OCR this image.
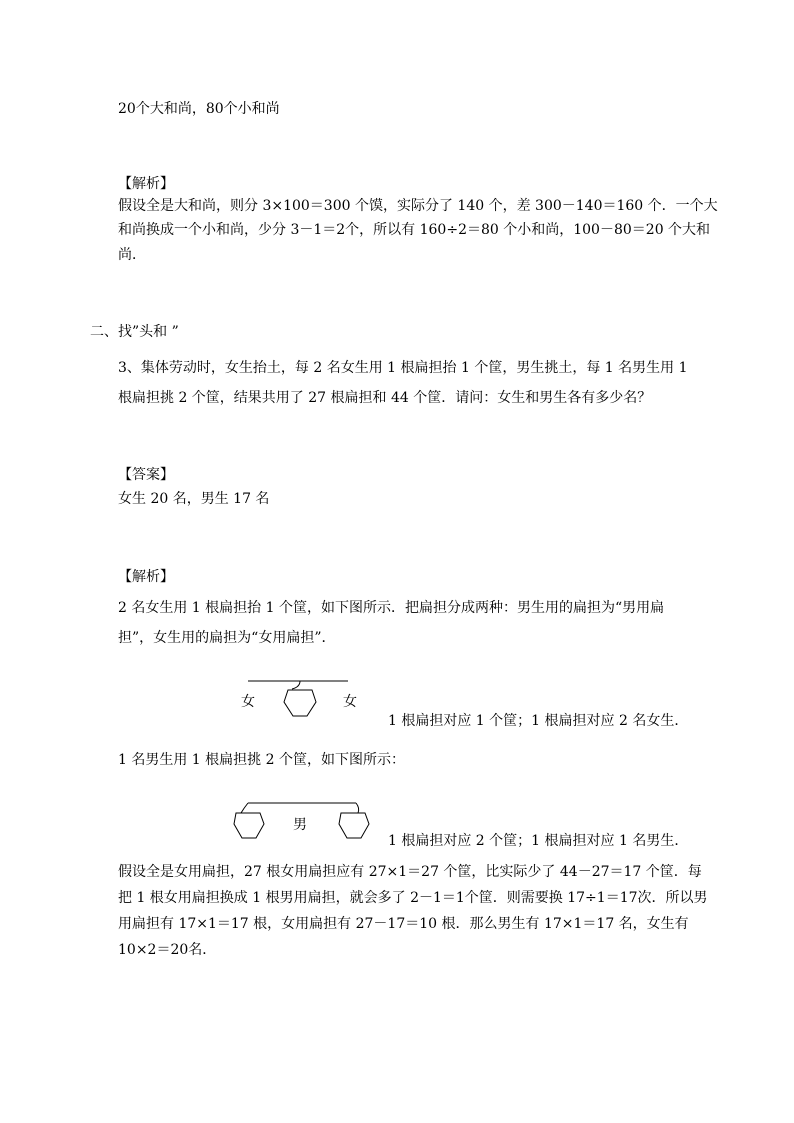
20个大和尚，80个小和尚
【解析】
假设全是大和尚，则分 3×100＝300 个馍，实际分了 140 个，差 300－140＝160 个．一个大
和尚换成一个小和尚，少分 3－1＝2个，所以有 160÷2＝80 个小和尚，100－80＝20 个大和
尚．
二、找”头和 ”
3、集体劳动时，女生抬土，每 2 名女生用 1 根扁担抬 1 个筐，男生挑土，每 1 名男生用 1
根扁担挑 2 个筐，结果共用了 27 根扁担和 44 个筐．请问：女生和男生各有多少名？
【答案】
女生 20 名，男生 17 名
【解析】
2 名女生用 1 根扁担抬 1 个筐，如下图所示．把扁担分成两种：男生用的扁担为“男用扁
担”，女生用的扁担为“女用扁担”．
女	女
1 根扁担对应 1 个筐；1 根扁担对应 2 名女生．
1 名男生用 1 根扁担挑 2 个筐，如下图所示：
男
1 根扁担对应 2 个筐；1 根扁担对应 1 名男生．
假设全是女用扁担，27 根女用扁担应有 27×1＝27 个筐，比实际少了 44－27＝17 个筐．每
把 1 根女用扁担换成 1 根男用扁担，就会多了 2－1＝1个筐．则需要换 17÷1＝17次．所以男
用扁担有 17×1＝17 根，女用扁担有 27－17＝10 根．那么男生有 17×1＝17 名，女生有
10×2＝20名．
